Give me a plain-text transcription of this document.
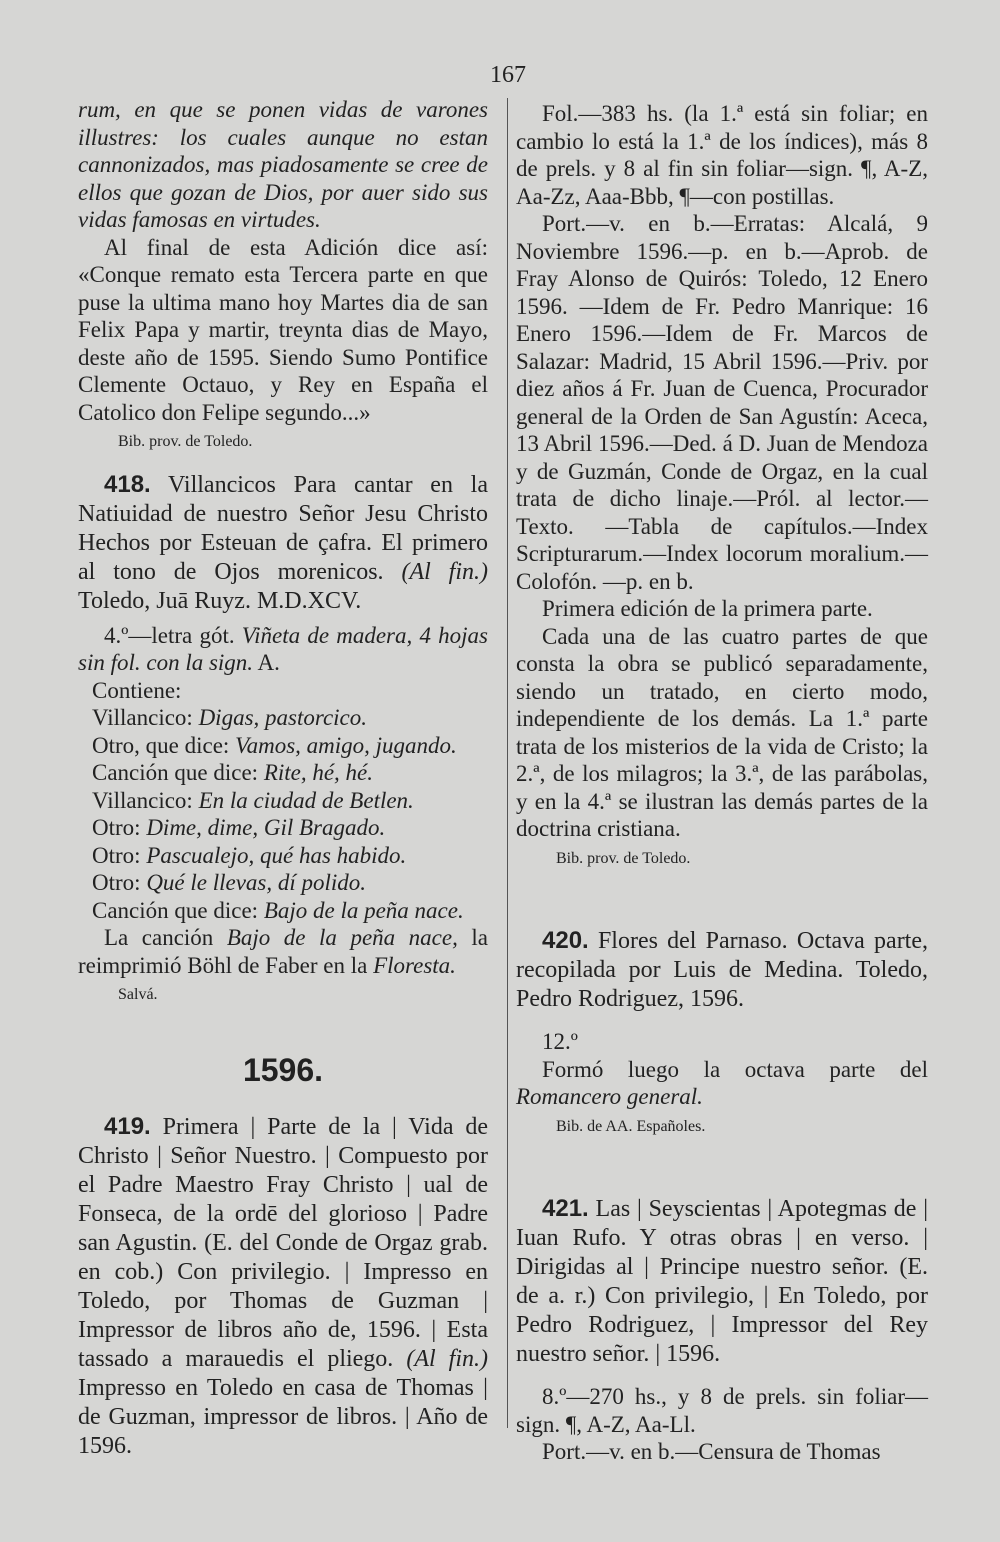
167

rum, en que se ponen vidas de varones illustres: los cuales aunque no estan cannonizados, mas piadosamente se cree de ellos que gozan de Dios, por auer sido sus vidas famosas en virtudes.

Al final de esta Adición dice así: «Conque remato esta Tercera parte en que puse la ultima mano hoy Martes dia de san Felix Papa y martir, treynta dias de Mayo, deste año de 1595. Siendo Sumo Pontifice Clemente Octauo, y Rey en España el Catolico don Felipe segundo...»

Bib. prov. de Toledo.

418. Villancicos Para cantar en la Natiuidad de nuestro Señor Jesu Christo Hechos por Esteuan de çafra. El primero al tono de Ojos morenicos. (Al fin.) Toledo, Juā Ruyz. M.D.XCV.

4.º—letra gót. Viñeta de madera, 4 hojas sin fol. con la sign. A.

Contiene:

Villancico: Digas, pastorcico.

Otro, que dice: Vamos, amigo, jugando.

Canción que dice: Rite, hé, hé.

Villancico: En la ciudad de Betlen.

Otro: Dime, dime, Gil Bragado.

Otro: Pascualejo, qué has habido.

Otro: Qué le llevas, dí polido.

Canción que dice: Bajo de la peña nace.

La canción Bajo de la peña nace, la reimprimió Böhl de Faber en la Floresta.

Salvá.

1596.

419. Primera | Parte de la | Vida de Christo | Señor Nuestro. | Compuesto por el Padre Maestro Fray Christo | ual de Fonseca, de la ordē del glorioso | Padre san Agustin. (E. del Conde de Orgaz grab. en cob.) Con privilegio. | Impresso en Toledo, por Thomas de Guzman | Impressor de libros año de, 1596. | Esta tassado a marauedis el pliego. (Al fin.) Impresso en Toledo en casa de Thomas | de Guzman, impressor de libros. | Año de 1596.

Fol.—383 hs. (la 1.ª está sin foliar; en cambio lo está la 1.ª de los índices), más 8 de prels. y 8 al fin sin foliar—sign. ¶, A-Z, Aa-Zz, Aaa-Bbb, ¶—con postillas.

Port.—v. en b.—Erratas: Alcalá, 9 Noviembre 1596.—p. en b.—Aprob. de Fray Alonso de Quirós: Toledo, 12 Enero 1596. —Idem de Fr. Pedro Manrique: 16 Enero 1596.—Idem de Fr. Marcos de Salazar: Madrid, 15 Abril 1596.—Priv. por diez años á Fr. Juan de Cuenca, Procurador general de la Orden de San Agustín: Aceca, 13 Abril 1596.—Ded. á D. Juan de Mendoza y de Guzmán, Conde de Orgaz, en la cual trata de dicho linaje.—Pról. al lector.—Texto. —Tabla de capítulos.—Index Scripturarum.—Index locorum moralium.—Colofón. —p. en b.

Primera edición de la primera parte.

Cada una de las cuatro partes de que consta la obra se publicó separadamente, siendo un tratado, en cierto modo, independiente de los demás. La 1.ª parte trata de los misterios de la vida de Cristo; la 2.ª, de los milagros; la 3.ª, de las parábolas, y en la 4.ª se ilustran las demás partes de la doctrina cristiana.

Bib. prov. de Toledo.

420. Flores del Parnaso. Octava parte, recopilada por Luis de Medina. Toledo, Pedro Rodriguez, 1596.

12.º

Formó luego la octava parte del Romancero general.

Bib. de AA. Españoles.

421. Las | Seyscientas | Apotegmas de | Iuan Rufo. Y otras obras | en verso. | Dirigidas al | Principe nuestro señor. (E. de a. r.) Con privilegio, | En Toledo, por Pedro Rodriguez, | Impressor del Rey nuestro señor. | 1596.

8.º—270 hs., y 8 de prels. sin foliar—sign. ¶, A-Z, Aa-Ll.

Port.—v. en b.—Censura de Thomas
